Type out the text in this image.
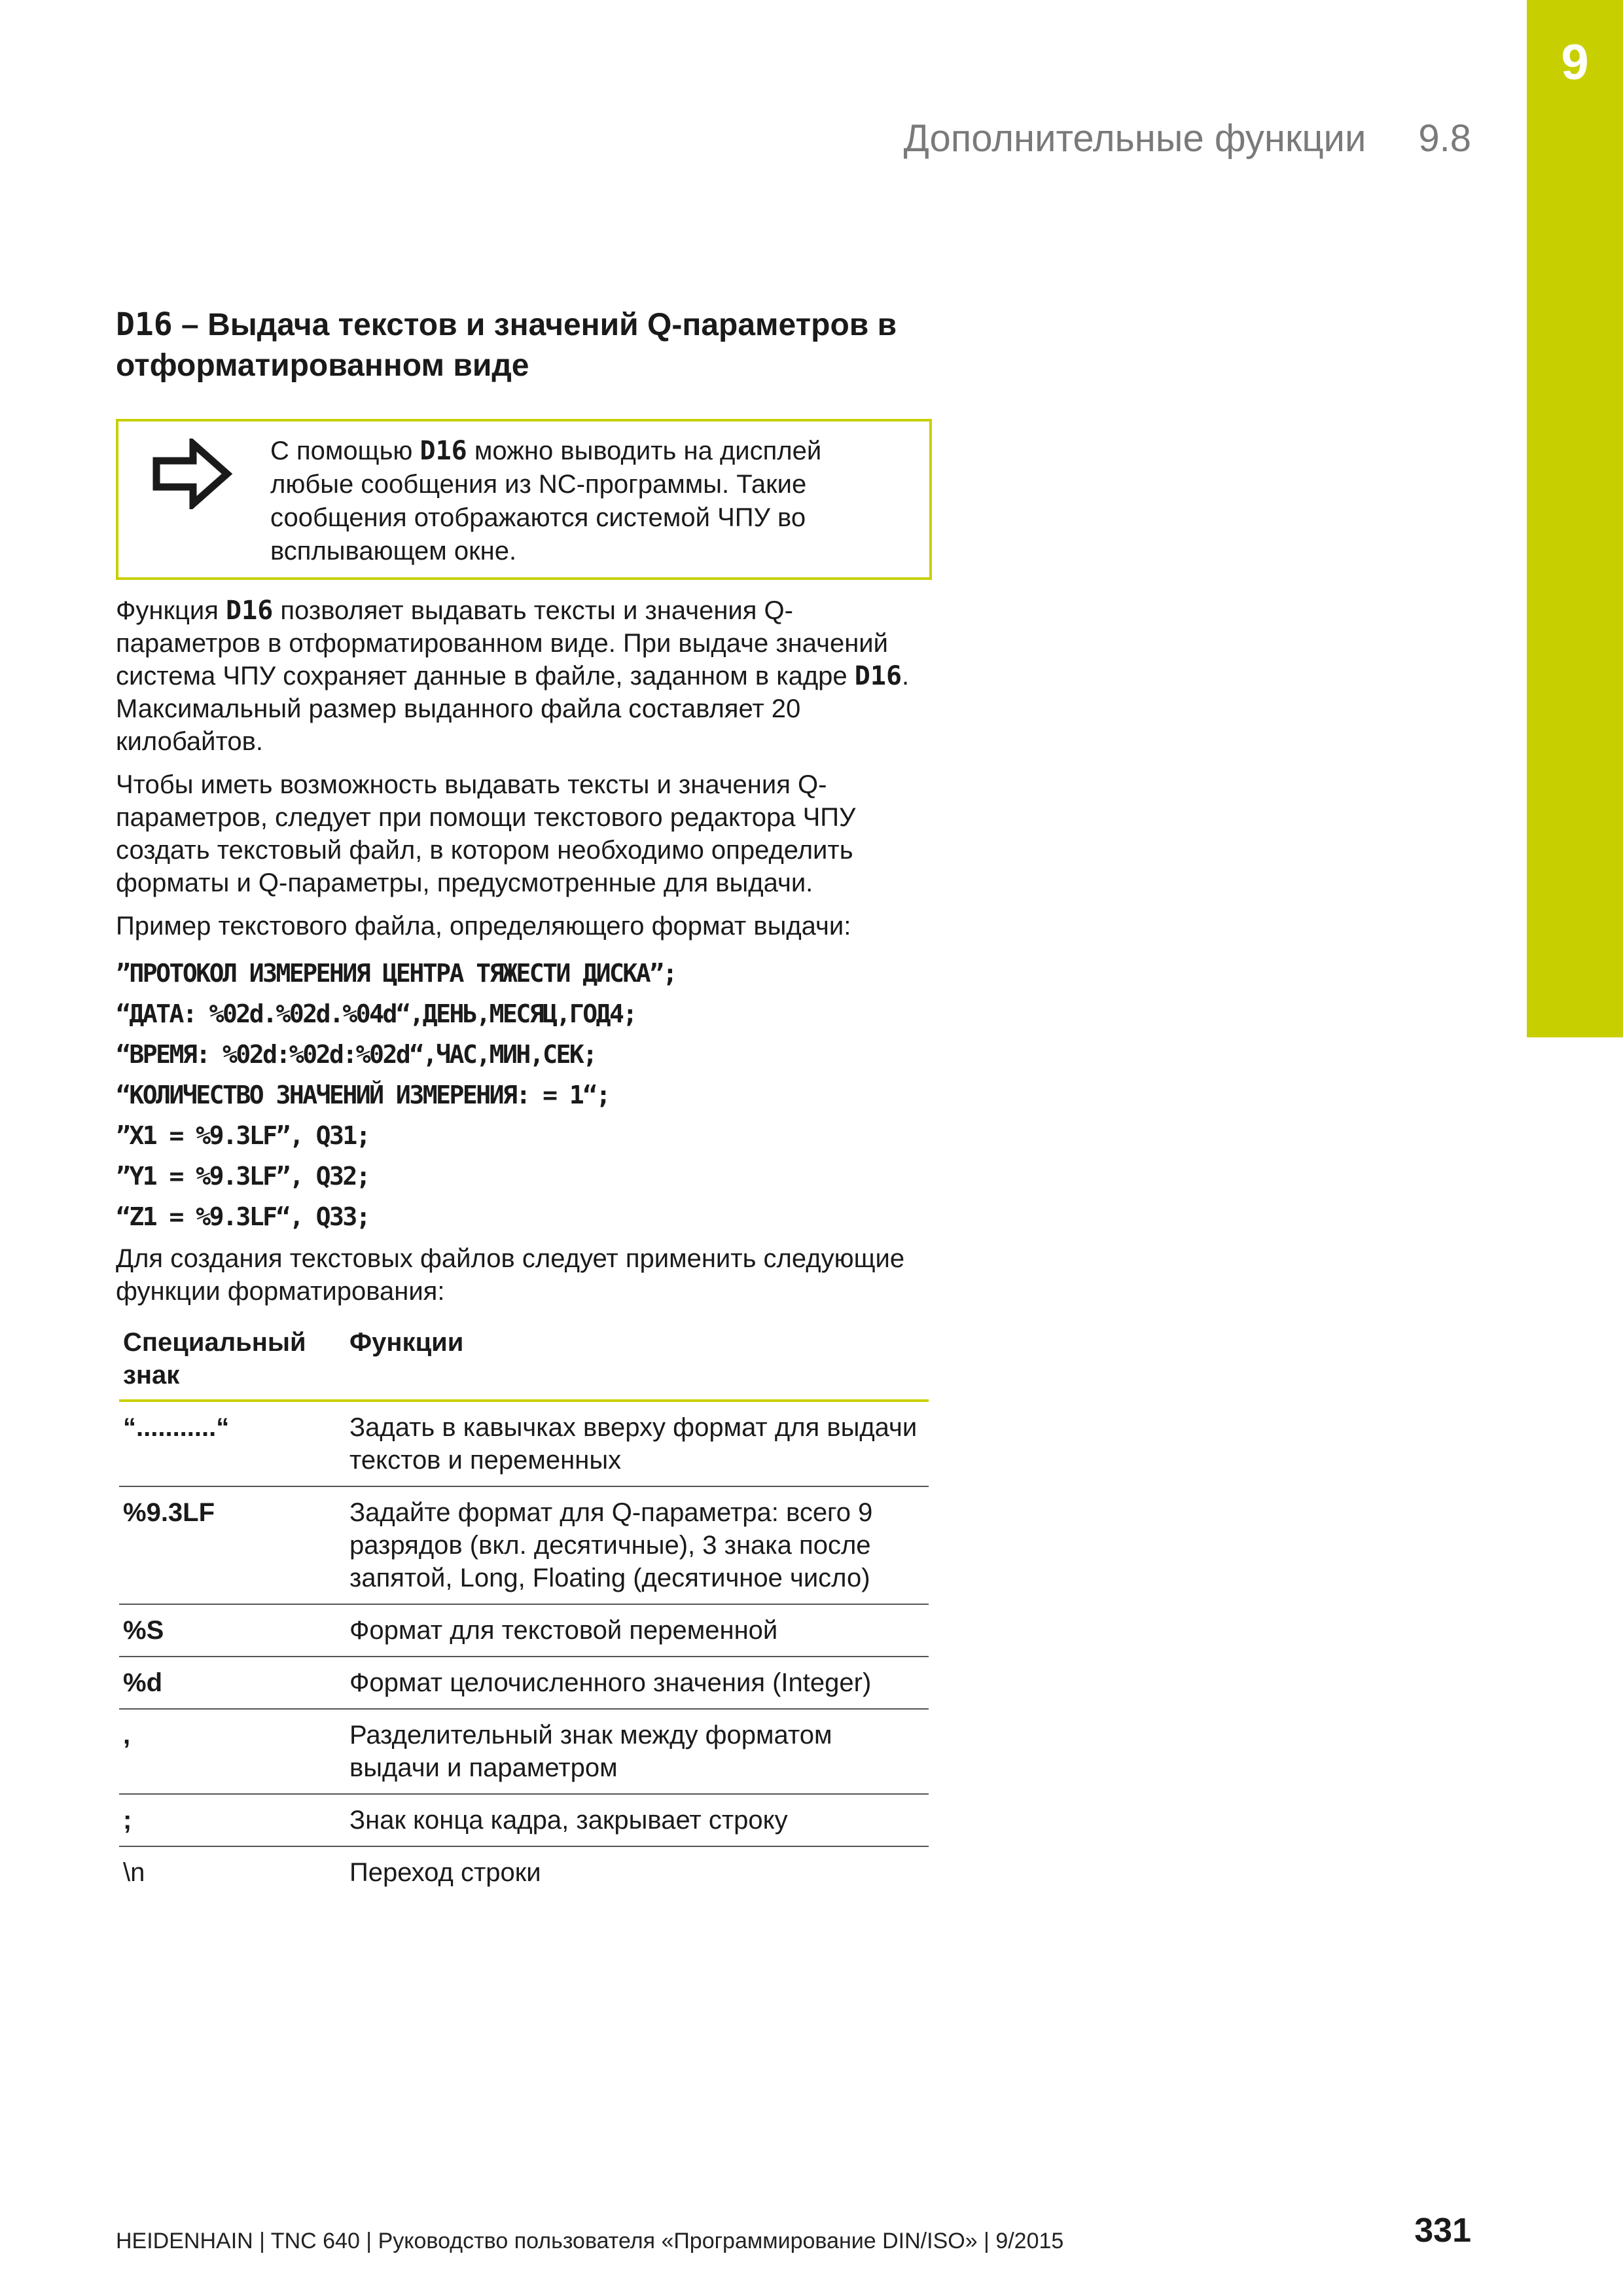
9
Дополнительные функции 9.8
D16 – Выдача текстов и значений Q-параметров в отформатированном виде
С помощью D16 можно выводить на дисплей любые сообщения из NC-программы. Такие сообщения отображаются системой ЧПУ во всплывающем окне.

Функция D16 позволяет выдавать тексты и значения Q-параметров в отформатированном виде. При выдаче значений система ЧПУ сохраняет данные в файле, заданном в кадре D16. Максимальный размер выданного файла составляет 20 килобайтов.

Чтобы иметь возможность выдавать тексты и значения Q-параметров, следует при помощи текстового редактора ЧПУ создать текстовый файл, в котором необходимо определить форматы и Q-параметры, предусмотренные для выдачи.

Пример текстового файла, определяющего формат выдачи:

”ПРОТОКОЛ ИЗМЕРЕНИЯ ЦЕНТРА ТЯЖЕСТИ ДИСКА”;
“ДАТА: %02d.%02d.%04d“,ДЕНЬ,МЕСЯЦ,ГОД4;
“ВРЕМЯ: %02d:%02d:%02d“,ЧАС,МИН,СЕК;
“КОЛИЧЕСТВО ЗНАЧЕНИЙ ИЗМЕРЕНИЯ: = 1“;
”X1 = %9.3LF”, Q31;
”Y1 = %9.3LF”, Q32;
“Z1 = %9.3LF“, Q33;

Для создания текстовых файлов следует применить следующие функции форматирования:

Специальный знак	Функции
“...........“	Задать в кавычках вверху формат для выдачи текстов и переменных
%9.3LF	Задайте формат для Q-параметра: всего 9 разрядов (вкл. десятичные), 3 знака после запятой, Long, Floating (десятичное число)
%S	Формат для текстовой переменной
%d	Формат целочисленного значения (Integer)
,	Разделительный знак между форматом выдачи и параметром
;	Знак конца кадра, закрывает строку
\n	Переход строки
HEIDENHAIN | TNC 640 | Руководство пользователя «Программирование DIN/ISO» | 9/2015	331
